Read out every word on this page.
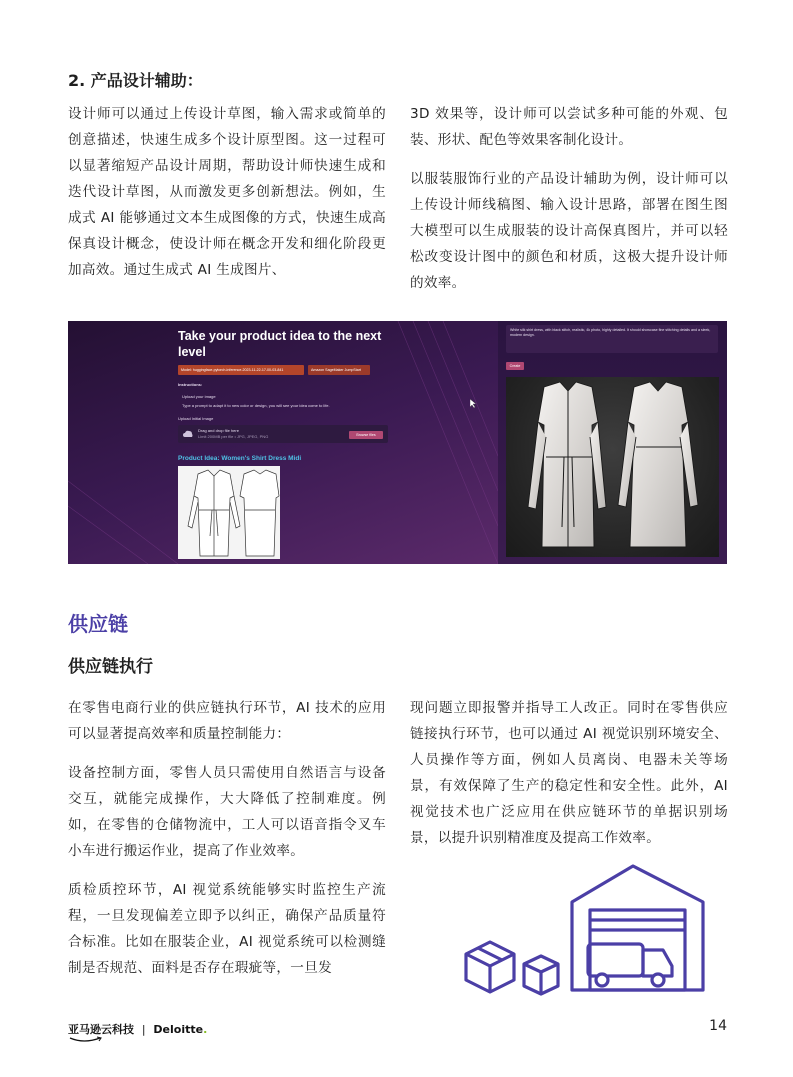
2. 产品设计辅助：

设计师可以通过上传设计草图，输入需求或简单的创意描述，快速生成多个设计原型图。这一过程可以显著缩短产品设计周期，帮助设计师快速生成和迭代设计草图，从而激发更多创新想法。例如，生成式 AI 能够通过文本生成图像的方式，快速生成高保真设计概念，使设计师在概念开发和细化阶段更加高效。通过生成式 AI 生成图片、

3D 效果等，设计师可以尝试多种可能的外观、包装、形状、配色等效果客制化设计。

以服装服饰行业的产品设计辅助为例，设计师可以上传设计师线稿图、输入设计思路，部署在图生图大模型可以生成服装的设计高保真图片，并可以轻松改变设计图中的颜色和材质，这极大提升设计师的效率。

Take your product idea to the next level
Model: huggingface-pytorch-inference-2023-11-22-17-00-03-841	Amazon SageMaker JumpStart
Instructions:
Upload your image
Type a prompt to adapt it to new color or design, you will see your idea come to life.
Upload Initial Image
Drag and drop file here
Limit 200MB per file • JPG, JPEG, PNG	Browse files
Product Idea: Women's Shirt Dress Midi
White silk shirt dress, with black stitch, realistic, 4k photo, highly detailed. It should showcase fine stitching details and a sleek, modern design.
Create
供应链
供应链执行

在零售电商行业的供应链执行环节，AI 技术的应用可以显著提高效率和质量控制能力：

设备控制方面，零售人员只需使用自然语言与设备交互，就能完成操作，大大降低了控制难度。例如，在零售的仓储物流中，工人可以语音指令叉车小车进行搬运作业，提高了作业效率。

质检质控环节，AI 视觉系统能够实时监控生产流程，一旦发现偏差立即予以纠正，确保产品质量符合标准。比如在服装企业，AI 视觉系统可以检测缝制是否规范、面料是否存在瑕疵等，一旦发

现问题立即报警并指导工人改正。同时在零售供应链接执行环节，也可以通过 AI 视觉识别环境安全、人员操作等方面，例如人员离岗、电器未关等场景，有效保障了生产的稳定性和安全性。此外，AI 视觉技术也广泛应用在供应链环节的单据识别场景，以提升识别精准度及提高工作效率。

亚马逊云科技 | Deloitte.	14
